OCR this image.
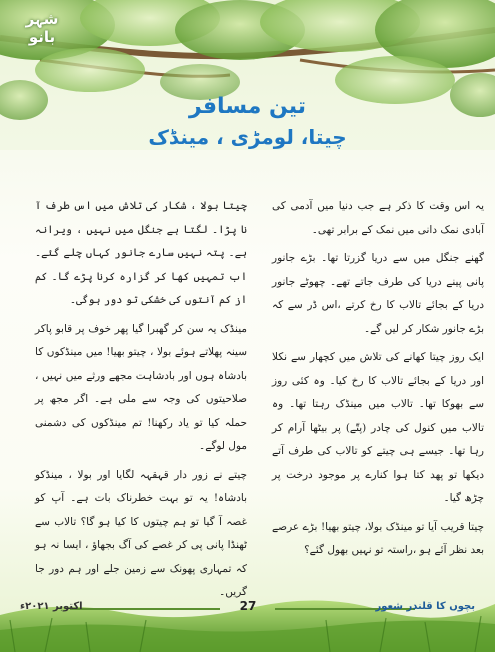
شہر بانو
تین مسافر
چیتا، لومڑی ، مینڈک

یہ اس وقت کا ذکر ہے جب دنیا میں آدمی کی آبادی نمک دانی میں نمک کے برابر تھی۔

گھنے جنگل میں سے دریا گزرتا تھا۔ بڑے جانور پانی پینے دریا کی طرف جاتے تھے۔ چھوٹے جانور دریا کے بجائے تالاب کا رخ کرتے ،اس ڈر سے کہ بڑے جانور شکار کر لیں گے۔

ایک روز چیتا کھانے کی تلاش میں کچھار سے نکلا اور دریا کے بجائے تالاب کا رخ کیا۔ وہ کئی روز سے بھوکا تھا۔ تالاب میں مینڈک رہتا تھا۔ وہ تالاب میں کنول کی چادر (پتّے) پر بیٹھا آرام کر رہا تھا۔ جیسے ہی چیتے کو تالاب کی طرف آتے دیکھا تو پھد کتا ہوا کنارے پر موجود درخت پر چڑھ گیا۔

چیتا قریب آیا تو مینڈک بولا، چیتو بھیا! بڑے عرصے بعد نظر آئے ہو ،راستہ تو نہیں بھول گئے؟

چیتا بولا ، شکار کی تلاش میں اس طرف آ نا پڑا۔ لگتا ہے جنگل میں نہیں ، ویرانہ ہے۔ پتہ نہیں سارے جانور کہاں چلے گئے۔ اب تمہیں کھا کر گزارہ کرنا پڑے گا۔ کم از کم آنتوں کی خشکی تو دور ہوگی۔

مینڈک یہ سن کر گھبرا گیا پھر خوف پر قابو پاکر سینہ پھلاتے ہوئے بولا ، چیتو بھیا! میں مینڈکوں کا بادشاہ ہوں اور بادشاہت مجھے ورثے میں نہیں ، صلاحیتوں کی وجہ سے ملی ہے۔ اگر مجھ پر حملہ کیا تو یاد رکھنا! تم مینڈکوں کی دشمنی مول لوگے۔

چیتے نے زور دار قہقہہ لگایا اور بولا ، مینڈکو بادشاہ! یہ تو بہت خطرناک بات ہے۔ آپ کو غصہ آ گیا تو ہم چیتوں کا کیا ہو گا؟ تالاب سے ٹھنڈا پانی پی کر غصے کی آگ بجھاؤ ، ایسا نہ ہو کہ تمہاری پھونک سے زمین جلے اور ہم دور جا گریں۔

اکتوبر ۲۰۲۱ء	27	بچوں کا قلندر شعور
